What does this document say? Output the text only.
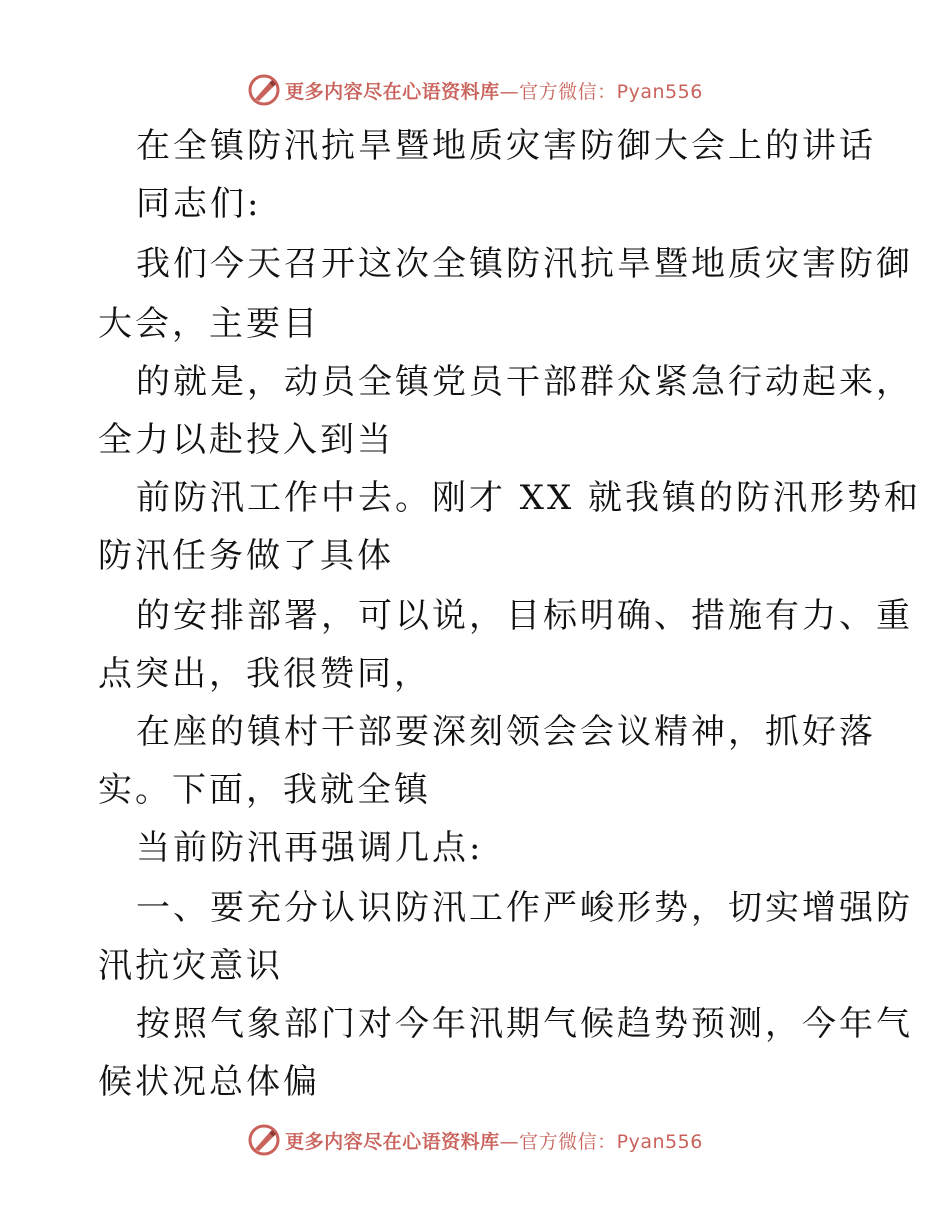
更多内容尽在心语资料库—官方微信：Pyan556
在全镇防汛抗旱暨地质灾害防御大会上的讲话
同志们:
我们今天召开这次全镇防汛抗旱暨地质灾害防御
大会，主要目
的就是，动员全镇党员干部群众紧急行动起来，
全力以赴投入到当
前防汛工作中去。刚才 XX 就我镇的防汛形势和
防汛任务做了具体
的安排部署，可以说，目标明确、措施有力、重
点突出，我很赞同，
在座的镇村干部要深刻领会会议精神，抓好落
实。下面，我就全镇
当前防汛再强调几点:
一、要充分认识防汛工作严峻形势，切实增强防
汛抗灾意识
按照气象部门对今年汛期气候趋势预测，今年气
候状况总体偏
更多内容尽在心语资料库—官方微信：Pyan556
